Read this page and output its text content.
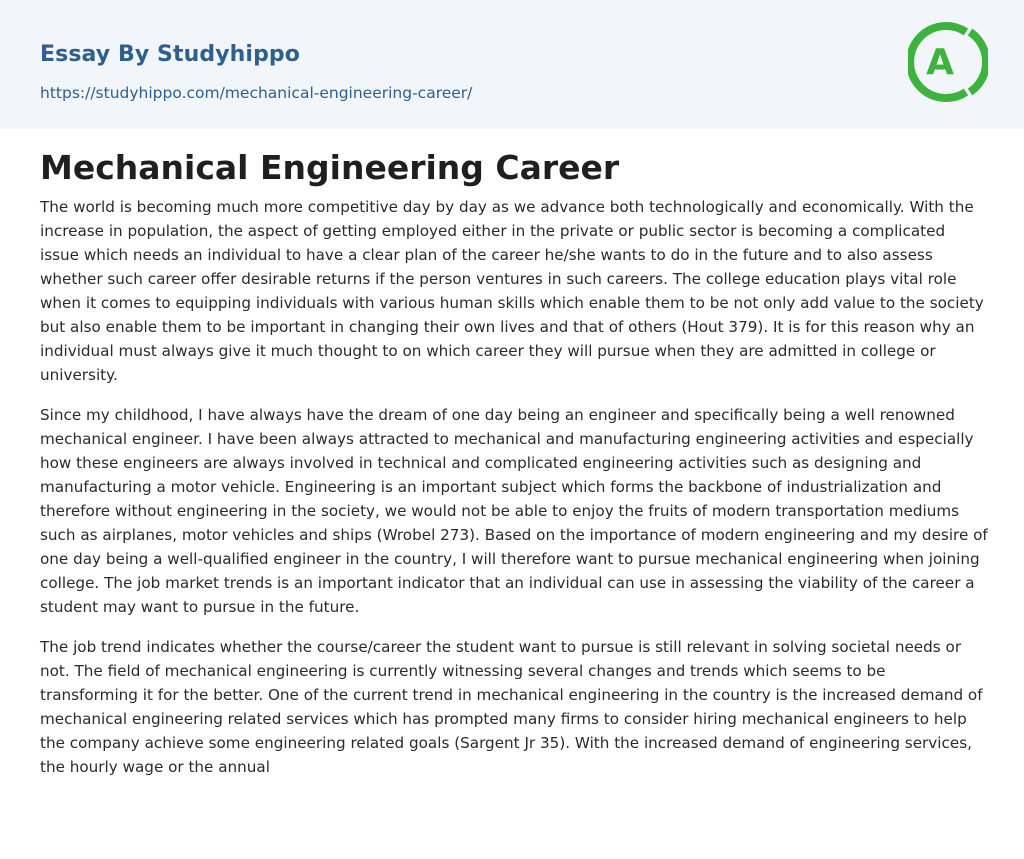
Essay By Studyhippo
https://studyhippo.com/mechanical-engineering-career/
A
Mechanical Engineering Career

The world is becoming much more competitive day by day as we advance both technologically and economically. With the increase in population, the aspect of getting employed either in the private or public sector is becoming a complicated issue which needs an individual to have a clear plan of the career he/she wants to do in the future and to also assess whether such career offer desirable returns if the person ventures in such careers. The college education plays vital role when it comes to equipping individuals with various human skills which enable them to be not only add value to the society but also enable them to be important in changing their own lives and that of others (Hout 379). It is for this reason why an individual must always give it much thought to on which career they will pursue when they are admitted in college or university.

Since my childhood, I have always have the dream of one day being an engineer and specifically being a well renowned mechanical engineer. I have been always attracted to mechanical and manufacturing engineering activities and especially how these engineers are always involved in technical and complicated engineering activities such as designing and manufacturing a motor vehicle. Engineering is an important subject which forms the backbone of industrialization and therefore without engineering in the society, we would not be able to enjoy the fruits of modern transportation mediums such as airplanes, motor vehicles and ships (Wrobel 273). Based on the importance of modern engineering and my desire of one day being a well-qualified engineer in the country, I will therefore want to pursue mechanical engineering when joining college. The job market trends is an important indicator that an individual can use in assessing the viability of the career a student may want to pursue in the future.

The job trend indicates whether the course/career the student want to pursue is still relevant in solving societal needs or not. The field of mechanical engineering is currently witnessing several changes and trends which seems to be transforming it for the better. One of the current trend in mechanical engineering in the country is the increased demand of mechanical engineering related services which has prompted many firms to consider hiring mechanical engineers to help the company achieve some engineering related goals (Sargent Jr 35). With the increased demand of engineering services, the hourly wage or the annual
